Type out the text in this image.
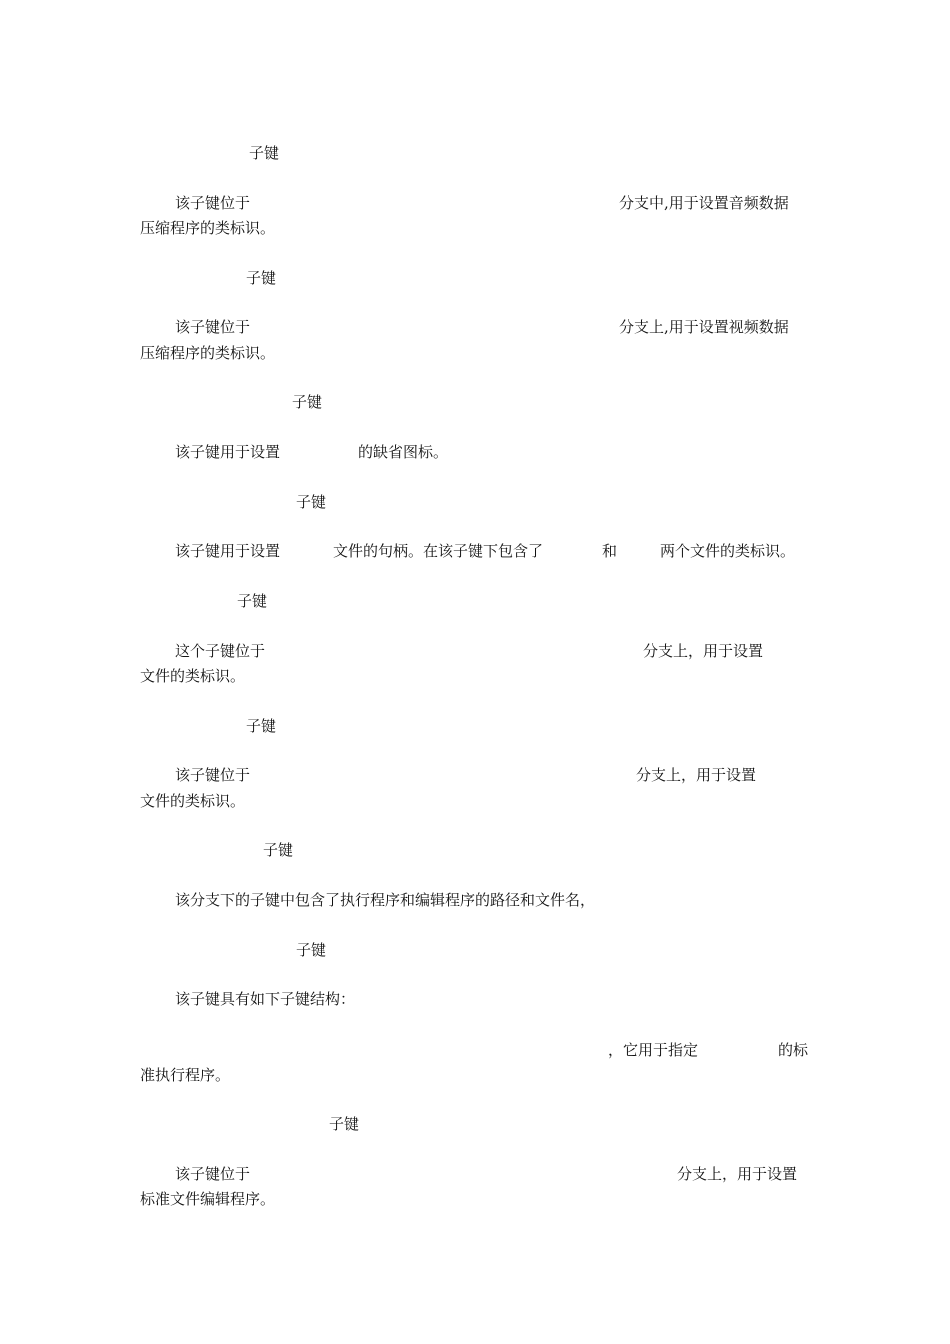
子键

该子键位于	分支中,用于设置音频数据

压缩程序的类标识。

子键

该子键位于	分支上,用于设置视频数据

压缩程序的类标识。

子键

该子键用于设置	的缺省图标。

子键

该子键用于设置	文件的句柄。在该子键下包含了	和	两个文件的类标识。

子键

这个子键位于	分支上，用于设置

文件的类标识。

子键

该子键位于	分支上，用于设置

文件的类标识。

子键

该分支下的子键中包含了执行程序和编辑程序的路径和文件名，

子键

该子键具有如下子键结构：

，它用于指定	的标

准执行程序。

子键

该子键位于	分支上，用于设置

标准文件编辑程序。
